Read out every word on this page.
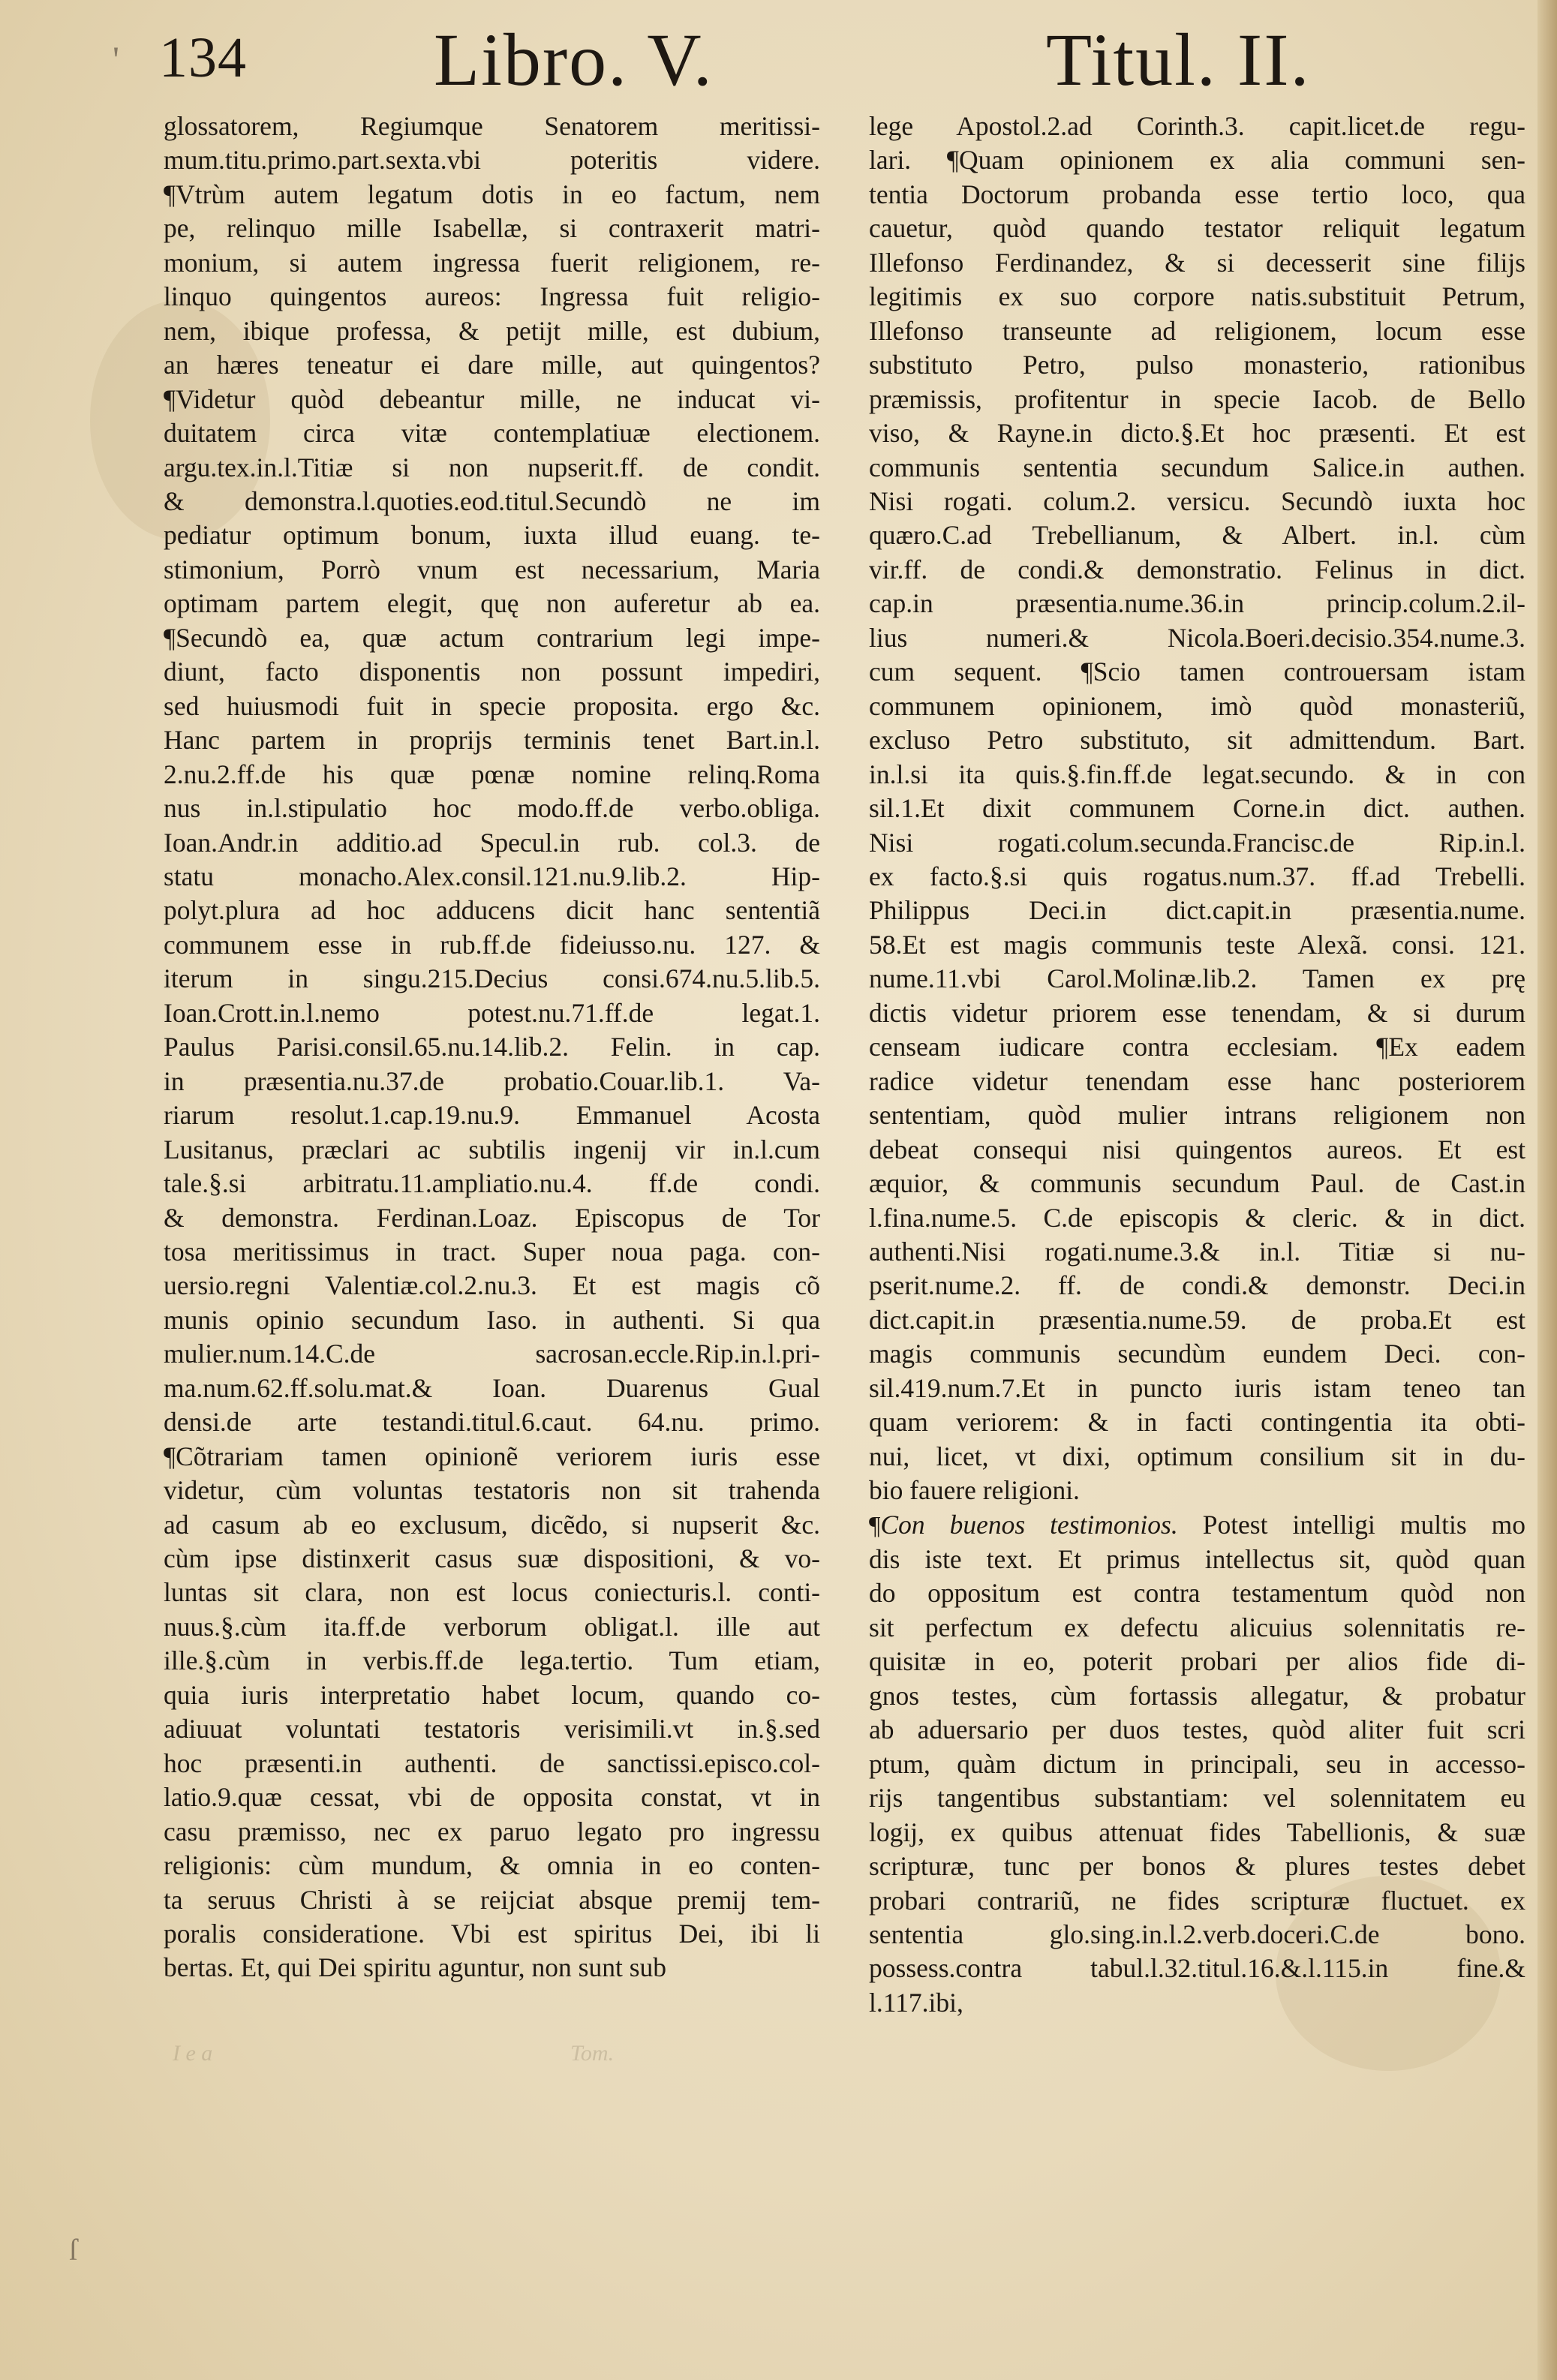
134 Libro. V.	Titul. II.
glossatorem, Regiumque Senatorem meritissi-
mum.titu.primo.part.sexta.vbi poteritis videre.
¶Vtrùm autem legatum dotis in eo factum, nem
pe, relinquo mille Isabellæ, si contraxerit matri-
monium, si autem ingressa fuerit religionem, re-
linquo quingentos aureos: Ingressa fuit religio-
nem, ibique professa, & petijt mille, est dubium,
an hæres teneatur ei dare mille, aut quingentos?
¶Videtur quòd debeantur mille, ne inducat vi-
duitatem circa vitæ contemplatiuæ electionem.
argu.tex.in.l.Titiæ si non nupserit.ff. de condit.
& demonstra.l.quoties.eod.titul.Secundò ne im
pediatur optimum bonum, iuxta illud euang. te-
stimonium, Porrò vnum est necessarium, Maria
optimam partem elegit, quę non auferetur ab ea.
¶Secundò ea, quæ actum contrarium legi impe-
diunt, facto disponentis non possunt impediri,
sed huiusmodi fuit in specie proposita. ergo &c.
Hanc partem in proprijs terminis tenet Bart.in.l.
2.nu.2.ff.de his quæ pœnæ nomine relinq.Roma
nus in.l.stipulatio hoc modo.ff.de verbo.obliga.
Ioan.Andr.in additio.ad Specul.in rub. col.3. de
statu monacho.Alex.consil.121.nu.9.lib.2. Hip-
polyt.plura ad hoc adducens dicit hanc sententiã
communem esse in rub.ff.de fideiusso.nu. 127. &
iterum in singu.215.Decius consi.674.nu.5.lib.5.
Ioan.Crott.in.l.nemo potest.nu.71.ff.de legat.1.
Paulus Parisi.consil.65.nu.14.lib.2. Felin. in cap.
in præsentia.nu.37.de probatio.Couar.lib.1. Va-
riarum resolut.1.cap.19.nu.9. Emmanuel Acosta
Lusitanus, præclari ac subtilis ingenij vir in.l.cum
tale.§.si arbitratu.11.ampliatio.nu.4. ff.de condi.
& demonstra. Ferdinan.Loaz. Episcopus de Tor
tosa meritissimus in tract. Super noua paga. con-
uersio.regni Valentiæ.col.2.nu.3. Et est magis cõ
munis opinio secundum Iaso. in authenti. Si qua
mulier.num.14.C.de sacrosan.eccle.Rip.in.l.pri-
ma.num.62.ff.solu.mat.& Ioan. Duarenus Gual
densi.de arte testandi.titul.6.caut. 64.nu. primo.
¶Cõtrariam tamen opinionẽ veriorem iuris esse
videtur, cùm voluntas testatoris non sit trahenda
ad casum ab eo exclusum, dicẽdo, si nupserit &c.
cùm ipse distinxerit casus suæ dispositioni, & vo-
luntas sit clara, non est locus coniecturis.l. conti-
nuus.§.cùm ita.ff.de verborum obligat.l. ille aut
ille.§.cùm in verbis.ff.de lega.tertio. Tum etiam,
quia iuris interpretatio habet locum, quando co-
adiuuat voluntati testatoris verisimili.vt in.§.sed
hoc præsenti.in authenti. de sanctissi.episco.col-
latio.9.quæ cessat, vbi de opposita constat, vt in
casu præmisso, nec ex paruo legato pro ingressu
religionis: cùm mundum, & omnia in eo conten-
ta seruus Christi à se reijciat absque premij tem-
poralis consideratione. Vbi est spiritus Dei, ibi li
bertas. Et, qui Dei spiritu aguntur, non sunt sub
lege Apostol.2.ad Corinth.3. capit.licet.de regu-
lari. ¶Quam opinionem ex alia communi sen-
tentia Doctorum probanda esse tertio loco, qua
cauetur, quòd quando testator reliquit legatum
Illefonso Ferdinandez, & si decesserit sine filijs
legitimis ex suo corpore natis.substituit Petrum,
Illefonso transeunte ad religionem, locum esse
substituto Petro, pulso monasterio, rationibus
præmissis, profitentur in specie Iacob. de Bello
viso, & Rayne.in dicto.§.Et hoc præsenti. Et est
communis sententia secundum Salice.in authen.
Nisi rogati. colum.2. versicu. Secundò iuxta hoc
quæro.C.ad Trebellianum, & Albert. in.l. cùm
vir.ff. de condi.& demonstratio. Felinus in dict.
cap.in præsentia.nume.36.in princip.colum.2.il-
lius numeri.& Nicola.Boeri.decisio.354.nume.3.
cum sequent. ¶Scio tamen controuersam istam
communem opinionem, imò quòd monasteriũ,
excluso Petro substituto, sit admittendum. Bart.
in.l.si ita quis.§.fin.ff.de legat.secundo. & in con
sil.1.Et dixit communem Corne.in dict. authen.
Nisi rogati.colum.secunda.Francisc.de Rip.in.l.
ex facto.§.si quis rogatus.num.37. ff.ad Trebelli.
Philippus Deci.in dict.capit.in præsentia.nume.
58.Et est magis communis teste Alexã. consi. 121.
nume.11.vbi Carol.Molinæ.lib.2. Tamen ex prę
dictis videtur priorem esse tenendam, & si durum
censeam iudicare contra ecclesiam. ¶Ex eadem
radice videtur tenendam esse hanc posteriorem
sententiam, quòd mulier intrans religionem non
debeat consequi nisi quingentos aureos. Et est
æquior, & communis secundum Paul. de Cast.in
l.fina.nume.5. C.de episcopis & cleric. & in dict.
authenti.Nisi rogati.nume.3.& in.l. Titiæ si nu-
pserit.nume.2. ff. de condi.& demonstr. Deci.in
dict.capit.in præsentia.nume.59. de proba.Et est
magis communis secundùm eundem Deci. con-
sil.419.num.7.Et in puncto iuris istam teneo tan
quam veriorem: & in facti contingentia ita obti-
nui, licet, vt dixi, optimum consilium sit in du-
bio fauere religioni.
¶Con buenos testimonios. Potest intelligi multis mo
dis iste text. Et primus intellectus sit, quòd quan
do oppositum est contra testamentum quòd non
sit perfectum ex defectu alicuius solennitatis re-
quisitæ in eo, poterit probari per alios fide di-
gnos testes, cùm fortassis allegatur, & probatur
ab aduersario per duos testes, quòd aliter fuit scri
ptum, quàm dictum in principali, seu in accesso-
rijs tangentibus substantiam: vel solennitatem eu
logij, ex quibus attenuat fides Tabellionis, & suæ
scripturæ, tunc per bonos & plures testes debet
probari contrariũ, ne fides scripturæ fluctuet. ex
sententia glo.sing.in.l.2.verb.doceri.C.de bono.
possess.contra tabul.l.32.titul.16.&.l.115.in fine.&
l.117.ibi,
I e a	Tom.
ſ
'
